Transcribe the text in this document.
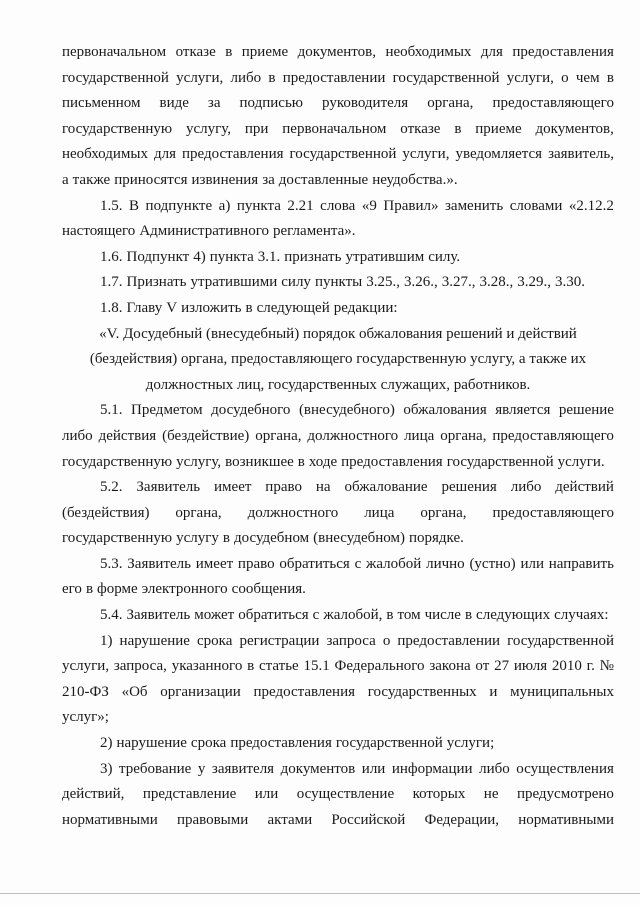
первоначальном отказе в приеме документов, необходимых для предоставления
государственной услуги, либо в предоставлении государственной услуги, о чем в
письменном виде за подписью руководителя органа, предоставляющего
государственную услугу, при первоначальном отказе в приеме документов,
необходимых для предоставления государственной услуги, уведомляется заявитель,
а также приносятся извинения за доставленные неудобства.».
1.5. В подпункте а) пункта 2.21 слова «9 Правил» заменить словами «2.12.2
настоящего Административного регламента».
1.6. Подпункт 4) пункта 3.1. признать утратившим силу.
1.7. Признать утратившими силу пункты 3.25., 3.26., 3.27., 3.28., 3.29., 3.30.
1.8. Главу V изложить в следующей редакции:
«V. Досудебный (внесудебный) порядок обжалования решений и действий
(бездействия) органа, предоставляющего государственную услугу, а также их
должностных лиц, государственных служащих, работников.
5.1. Предметом досудебного (внесудебного) обжалования является решение
либо действия (бездействие) органа, должностного лица органа, предоставляющего
государственную услугу, возникшее в ходе предоставления государственной услуги.
5.2. Заявитель имеет право на обжалование решения либо действий
(бездействия) органа, должностного лица органа, предоставляющего
государственную услугу в досудебном (внесудебном) порядке.
5.3. Заявитель имеет право обратиться с жалобой лично (устно) или направить
его в форме электронного сообщения.
5.4. Заявитель может обратиться с жалобой, в том числе в следующих случаях:
1) нарушение срока регистрации запроса о предоставлении государственной
услуги, запроса, указанного в статье 15.1 Федерального закона от 27 июля 2010 г. №
210-ФЗ «Об организации предоставления государственных и муниципальных
услуг»;
2) нарушение срока предоставления государственной услуги;
3) требование у заявителя документов или информации либо осуществления
действий, представление или осуществление которых не предусмотрено
нормативными правовыми актами Российской Федерации, нормативными
